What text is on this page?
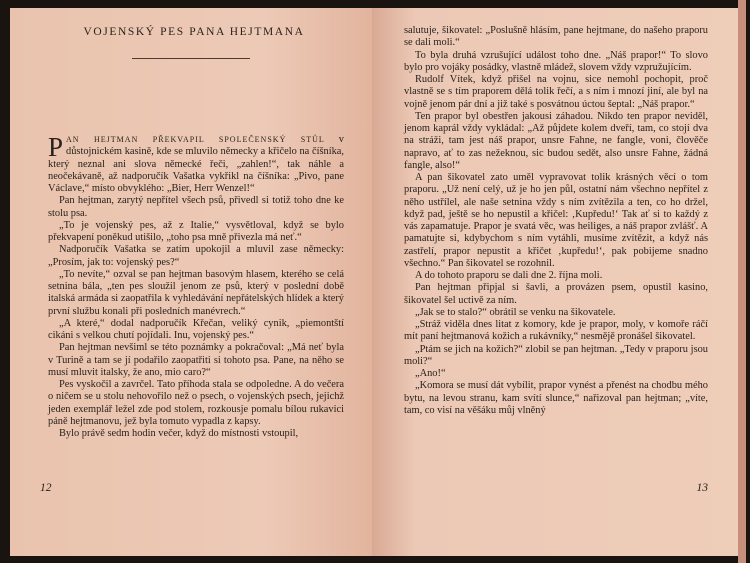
VOJENSKÝ PES PANA HEJTMANA

PAN HEJTMAN PŘEKVAPIL SPOLEČENSKÝ STŮL v důstojnickém kasině, kde se mluvilo německy a křičelo na číšníka, který neznal ani slova německé řeči, „zahlen!“, tak náhle a neočekávaně, až nadporučík Vašatka vykřikl na číšníka: „Pivo, pane Václave,“ místo obvyklého: „Bier, Herr Wenzel!“

Pan hejtman, zarytý nepřítel všech psů, přivedl si totiž toho dne ke stolu psa.

„To je vojenský pes, až z Italie,“ vysvětloval, když se bylo překvapení poněkud utišilo, „toho psa mně přivezla má neť.“

Nadporučík Vašatka se zatím upokojil a mluvil zase německy: „Prosím, jak to: vojenský pes?“

„To nevíte,“ ozval se pan hejtman basovým hlasem, kterého se celá setnina bála, „ten pes sloužil jenom ze psů, který v poslední době italská armáda si zaopatřila k vyhledávání nepřátelských hlídek a který první službu konali při posledních manévrech.“

„A které,“ dodal nadporučík Křečan, veliký cynik, „piemontští cikáni s velkou chutí pojídali. Inu, vojenský pes.“

Pan hejtman nevšiml se této poznámky a pokračoval: „Má neť byla v Turině a tam se jí podařilo zaopatřiti si tohoto psa. Pane, na něho se musí mluvit italsky, že ano, mio caro?“

Pes vyskočil a zavrčel. Tato příhoda stala se odpoledne. A do večera o ničem se u stolu nehovořilo než o psech, o vojenských psech, jejichž jeden exemplář ležel zde pod stolem, rozkousje pomalu bílou rukavici páně hejtmanovu, jež byla tomuto vypadla z kapsy.

Bylo právě sedm hodin večer, když do místnosti vstoupil,

12

salutuje, šikovatel: „Poslušně hlásím, pane hejtmane, do našeho praporu se dali moli.“

To byla druhá vzrušující událost toho dne. „Náš prapor!“ To slovo bylo pro vojáky posádky, vlastně mládež, slovem vždy vzpružujícím.

Rudolf Vítek, když přišel na vojnu, sice nemohl pochopit, proč vlastně se s tím praporem dělá tolik řečí, a s ním i mnozí jiní, ale byl na vojně jenom pár dní a již také s posvátnou úctou šeptal: „Náš prapor.“

Ten prapor byl obestřen jakousi záhadou. Nikdo ten prapor neviděl, jenom kaprál vždy vykládal: „Až půjdete kolem dveří, tam, co stojí dva na stráži, tam jest náš prapor, unsre Fahne, ne fangle, voni, člověče napravo, ať to zas nežeknou, sic budou sedět, also unsre Fahne, žádná fangle, also!“

A pan šikovatel zato uměl vypravovat tolik krásných věcí o tom praporu. „Už není celý, už je ho jen půl, ostatní nám všechno nepřítel z něho ustřílel, ale naše setnina vždy s ním zvítězila a ten, co ho držel, když pad, ještě se ho nepustil a křičel: ‚Kupředu!‘ Tak ať si to každý z vás zapamatuje. Prapor je svatá věc, was heiliges, a náš prapor zvlášť. A pamatujte si, kdybychom s ním vytáhli, musíme zvítězit, a když nás zastřelí, prapor nepustit a křičet ‚kupředu!‘, pak pobijeme snadno všechno.“ Pan šikovatel se rozohnil.

A do tohoto praporu se dali dne 2. října moli.

Pan hejtman připjal si šavli, a provázen psem, opustil kasino, šikovatel šel uctivě za ním.

„Jak se to stalo?“ obrátil se venku na šikovatele.

„Stráž viděla dnes litat z komory, kde je prapor, moly, v komoře ráčí mít paní hejtmanová kožich a rukávníky,“ nesmějě pronášel šikovatel.

„Ptám se jich na kožich?“ zlobil se pan hejtman. „Tedy v praporu jsou moli?“

„Ano!“

„Komora se musí dát vybílit, prapor vynést a přenést na chodbu mého bytu, na levou stranu, kam svítí slunce,“ nařizoval pan hejtman; „víte, tam, co visí na věšáku můj vlněný

13
